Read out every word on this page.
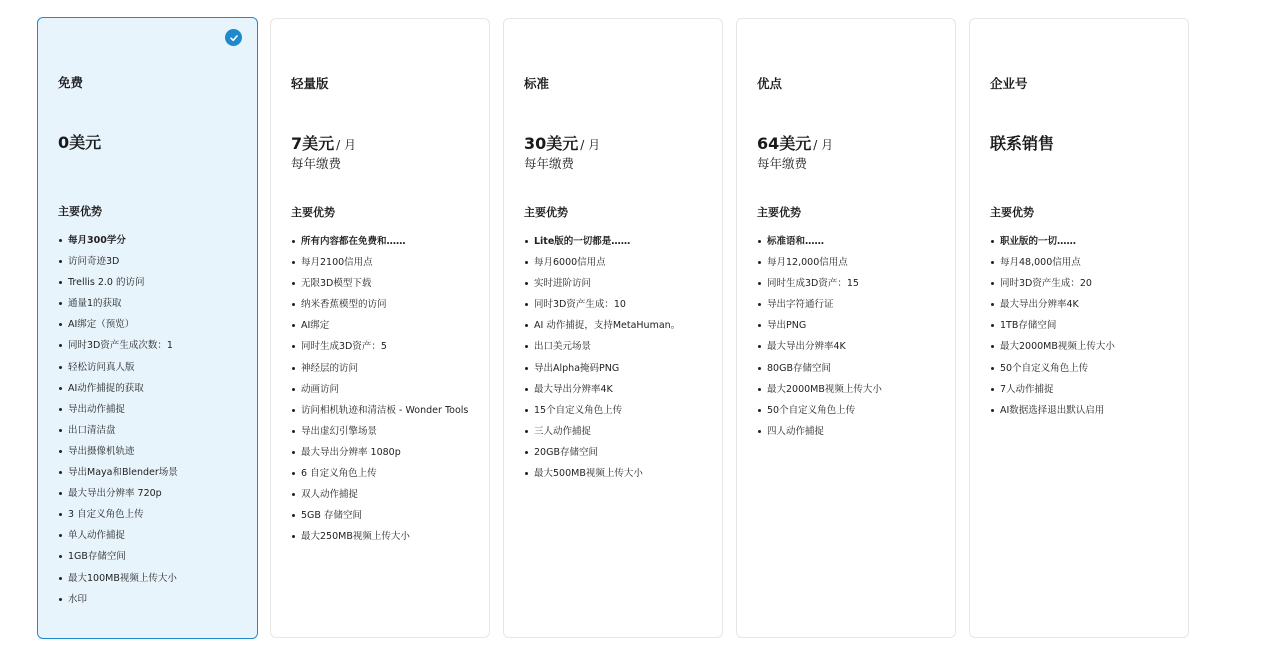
免费
0美元
主要优势
每月300学分
访问奇迹3D
Trellis 2.0 的访问
通量1的获取
AI绑定（预览）
同时3D资产生成次数：1
轻松访问真人版
AI动作捕捉的获取
导出动作捕捉
出口清洁盘
导出摄像机轨迹
导出Maya和Blender场景
最大导出分辨率 720p
3 自定义角色上传
单人动作捕捉
1GB存储空间
最大100MB视频上传大小
水印
轻量版
7美元 / 月
每年缴费
主要优势
所有内容都在免费和……
每月2100信用点
无限3D模型下载
纳米香蕉模型的访问
AI绑定
同时生成3D资产：5
神经层的访问
动画访问
访问相机轨迹和清洁板 - Wonder Tools
导出虚幻引擎场景
最大导出分辨率 1080p
6 自定义角色上传
双人动作捕捉
5GB 存储空间
最大250MB视频上传大小
标准
30美元 / 月
每年缴费
主要优势
Lite版的一切都是……
每月6000信用点
实时进阶访问
同时3D资产生成：10
AI 动作捕捉，支持MetaHuman。
出口美元场景
导出Alpha掩码PNG
最大导出分辨率4K
15个自定义角色上传
三人动作捕捉
20GB存储空间
最大500MB视频上传大小
优点
64美元 / 月
每年缴费
主要优势
标准语和……
每月12,000信用点
同时生成3D资产：15
导出字符通行证
导出PNG
最大导出分辨率4K
80GB存储空间
最大2000MB视频上传大小
50个自定义角色上传
四人动作捕捉
企业号
联系销售
主要优势
职业版的一切……
每月48,000信用点
同时3D资产生成：20
最大导出分辨率4K
1TB存储空间
最大2000MB视频上传大小
50个自定义角色上传
7人动作捕捉
AI数据选择退出默认启用
